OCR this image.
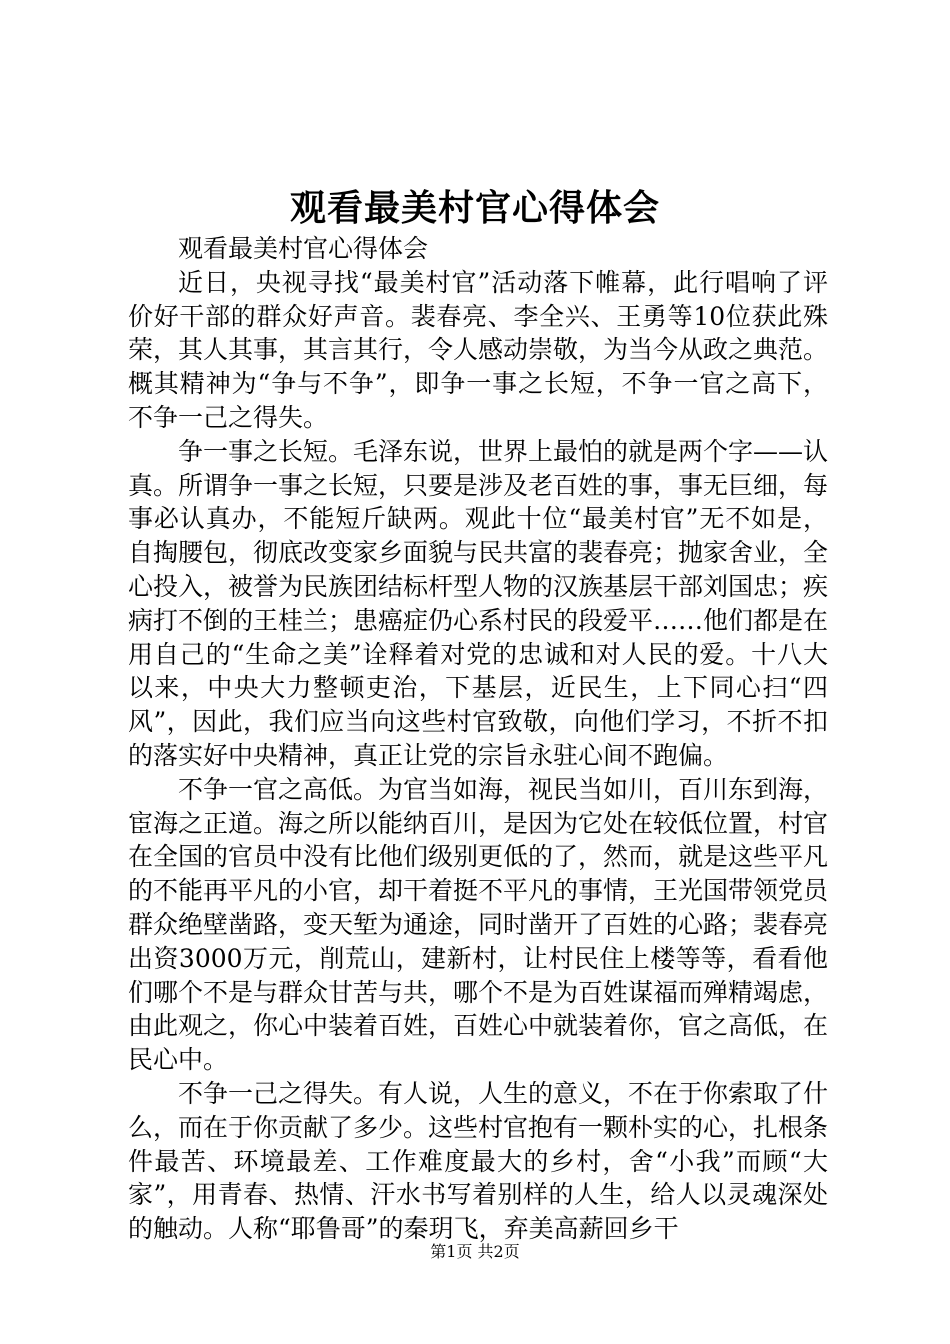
观看最美村官心得体会

观看最美村官心得体会

近日，央视寻找“最美村官”活动落下帷幕，此行唱响了评价好干部的群众好声音。裴春亮、李全兴、王勇等10位获此殊荣，其人其事，其言其行，令人感动崇敬，为当今从政之典范。概其精神为“争与不争”，即争一事之长短，不争一官之高下，不争一己之得失。

争一事之长短。毛泽东说，世界上最怕的就是两个字——认真。所谓争一事之长短，只要是涉及老百姓的事，事无巨细，每事必认真办，不能短斤缺两。观此十位“最美村官”无不如是，自掏腰包，彻底改变家乡面貌与民共富的裴春亮；抛家舍业，全心投入，被誉为民族团结标杆型人物的汉族基层干部刘国忠；疾病打不倒的王桂兰；患癌症仍心系村民的段爱平……他们都是在用自己的“生命之美”诠释着对党的忠诚和对人民的爱。十八大以来，中央大力整顿吏治，下基层，近民生，上下同心扫“四风”，因此，我们应当向这些村官致敬，向他们学习，不折不扣的落实好中央精神，真正让党的宗旨永驻心间不跑偏。

不争一官之高低。为官当如海，视民当如川，百川东到海，宦海之正道。海之所以能纳百川，是因为它处在较低位置，村官在全国的官员中没有比他们级别更低的了，然而，就是这些平凡的不能再平凡的小官，却干着挺不平凡的事情，王光国带领党员群众绝壁凿路，变天堑为通途，同时凿开了百姓的心路；裴春亮出资3000万元，削荒山，建新村，让村民住上楼等等，看看他们哪个不是与群众甘苦与共，哪个不是为百姓谋福而殚精竭虑，由此观之，你心中装着百姓，百姓心中就装着你，官之高低，在民心中。

不争一己之得失。有人说，人生的意义，不在于你索取了什么，而在于你贡献了多少。这些村官抱有一颗朴实的心，扎根条件最苦、环境最差、工作难度最大的乡村，舍“小我”而顾“大家”，用青春、热情、汗水书写着别样的人生，给人以灵魂深处的触动。人称“耶鲁哥”的秦玥飞，弃美高薪回乡干

第1页 共2页
